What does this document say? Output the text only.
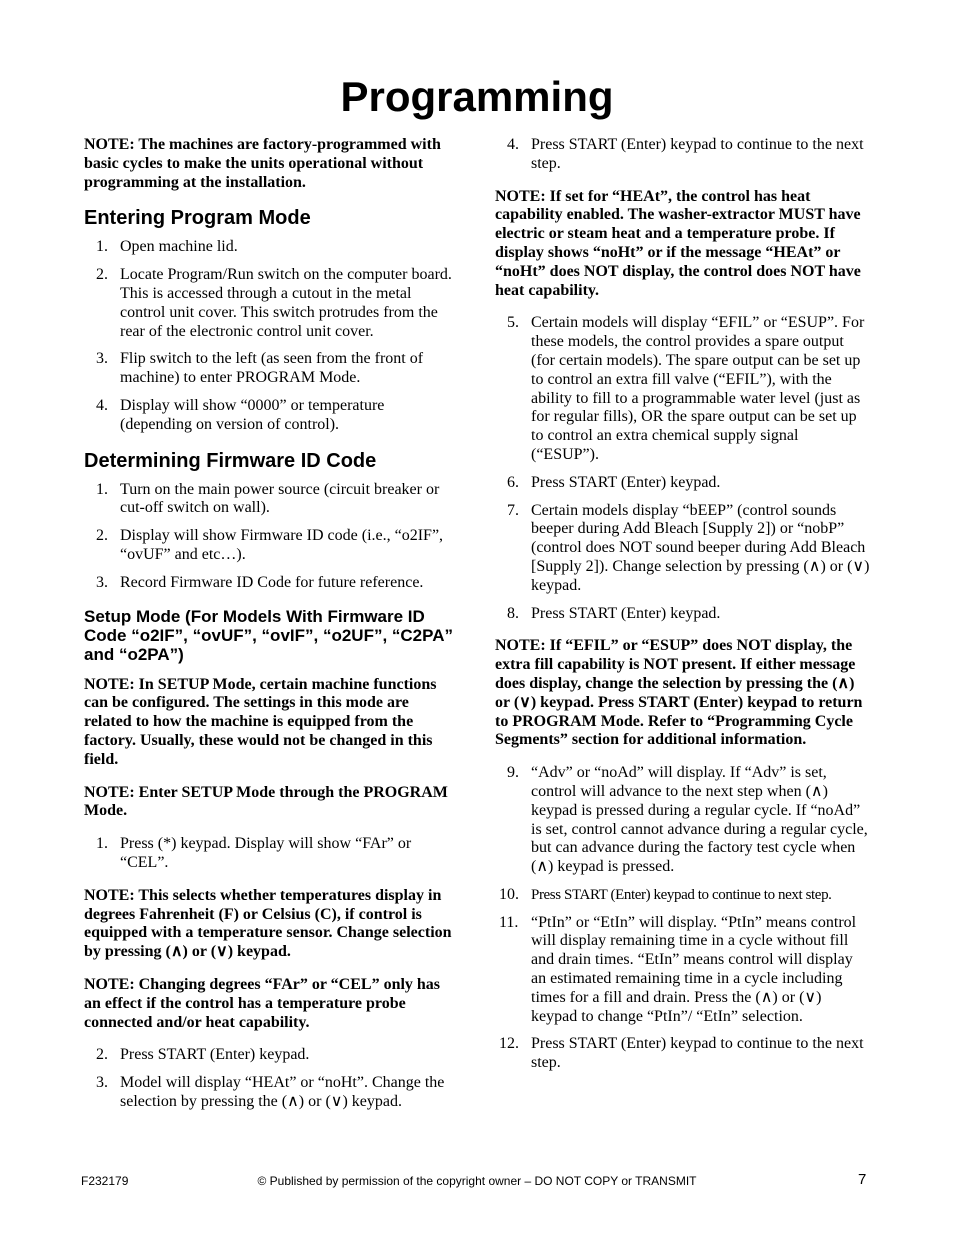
Programming

NOTE: The machines are factory-programmed with basic cycles to make the units operational without programming at the installation.

Entering Program Mode
1. Open machine lid.
2. Locate Program/Run switch on the computer board. This is accessed through a cutout in the metal control unit cover. This switch protrudes from the rear of the electronic control unit cover.
3. Flip switch to the left (as seen from the front of machine) to enter PROGRAM Mode.
4. Display will show “0000” or temperature (depending on version of control).
Determining Firmware ID Code
1. Turn on the main power source (circuit breaker or cut-off switch on wall).
2. Display will show Firmware ID code (i.e., “o2IF”, “ovUF” and etc…).
3. Record Firmware ID Code for future reference.
Setup Mode (For Models With Firmware ID Code “o2IF”, “ovUF”, “ovIF”, “o2UF”, “C2PA” and “o2PA”)

NOTE: In SETUP Mode, certain machine functions can be configured. The settings in this mode are related to how the machine is equipped from the factory. Usually, these would not be changed in this field.

NOTE: Enter SETUP Mode through the PROGRAM Mode.

1. Press (*) keypad. Display will show “FAr” or “CEL”.

NOTE: This selects whether temperatures display in degrees Fahrenheit (F) or Celsius (C), if control is equipped with a temperature sensor. Change selection by pressing (∧) or (∨) keypad.

NOTE: Changing degrees “FAr” or “CEL” only has an effect if the control has a temperature probe connected and/or heat capability.

2. Press START (Enter) keypad.
3. Model will display “HEAt” or “noHt”. Change the selection by pressing the (∧) or (∨) keypad.
4. Press START (Enter) keypad to continue to the next step.

NOTE: If set for “HEAt”, the control has heat capability enabled. The washer-extractor MUST have electric or steam heat and a temperature probe. If display shows “noHt” or if the message “HEAt” or “noHt” does NOT display, the control does NOT have heat capability.

5. Certain models will display “EFIL” or “ESUP”. For these models, the control provides a spare output (for certain models). The spare output can be set up to control an extra fill valve (“EFIL”), with the ability to fill to a programmable water level (just as for regular fills), OR the spare output can be set up to control an extra chemical supply signal (“ESUP”).
6. Press START (Enter) keypad.
7. Certain models display “bEEP” (control sounds beeper during Add Bleach [Supply 2]) or “nobP” (control does NOT sound beeper during Add Bleach [Supply 2]). Change selection by pressing (∧) or (∨) keypad.
8. Press START (Enter) keypad.

NOTE: If “EFIL” or “ESUP” does NOT display, the extra fill capability is NOT present. If either message does display, change the selection by pressing the (∧) or (∨) keypad. Press START (Enter) keypad to return to PROGRAM Mode. Refer to “Programming Cycle Segments” section for additional information.

9. “Adv” or “noAd” will display. If “Adv” is set, control will advance to the next step when (∧) keypad is pressed during a regular cycle. If “noAd” is set, control cannot advance during a regular cycle, but can advance during the factory test cycle when (∧) keypad is pressed.
10. Press START (Enter) keypad to continue to next step.
11. “PtIn” or “EtIn” will display. “PtIn” means control will display remaining time in a cycle without fill and drain times. “EtIn” means control will display an estimated remaining time in a cycle including times for a fill and drain. Press the (∧) or (∨) keypad to change “PtIn”/ “EtIn” selection.
12. Press START (Enter) keypad to continue to the next step.
F232179	© Published by permission of the copyright owner – DO NOT COPY or TRANSMIT	7
